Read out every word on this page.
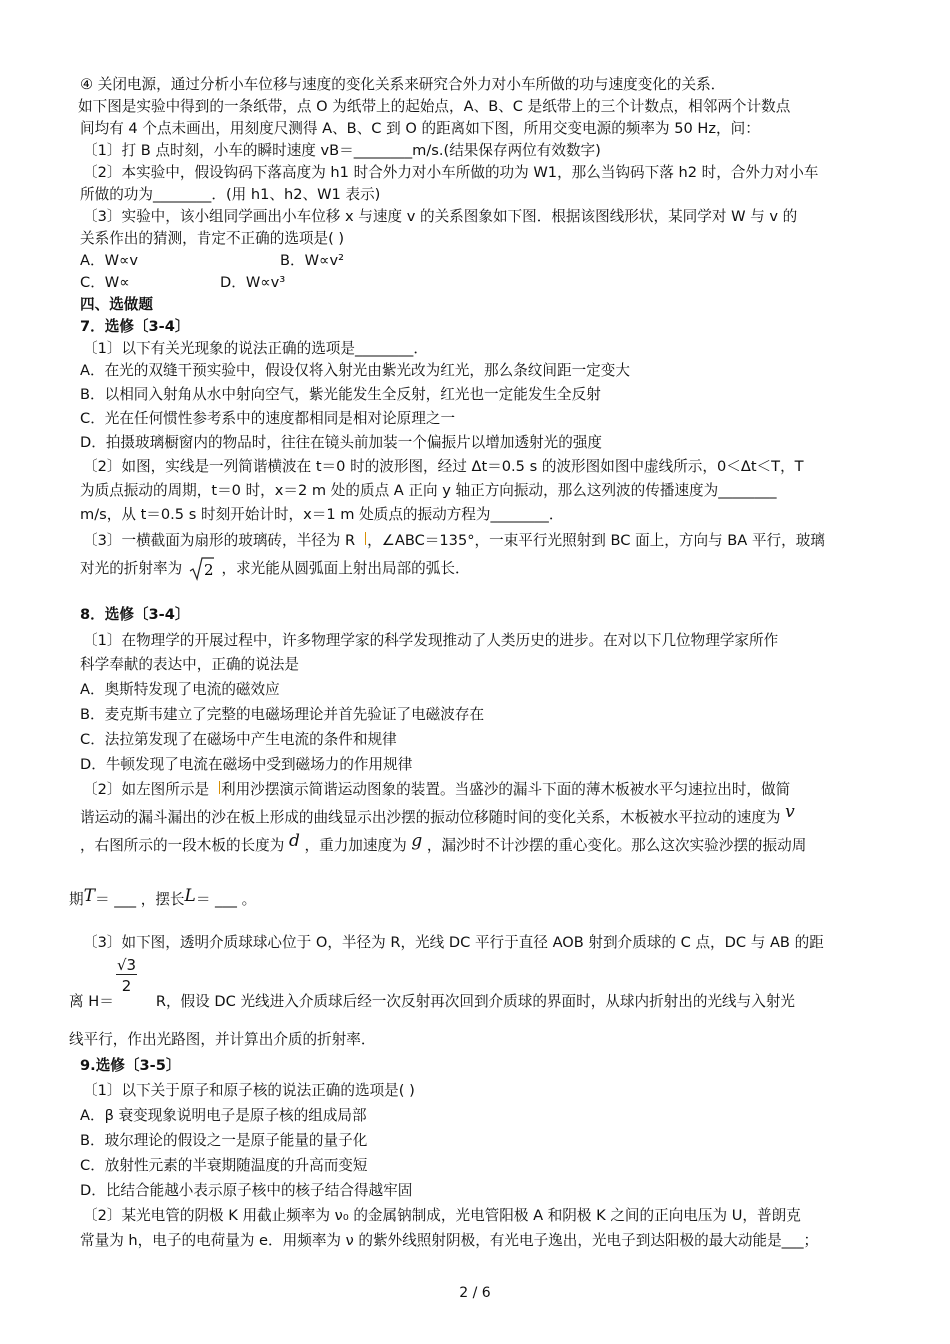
④ 关闭电源，通过分析小车位移与速度的变化关系来研究合外力对小车所做的功与速度变化的关系．
如下图是实验中得到的一条纸带，点 O 为纸带上的起始点，A、B、C 是纸带上的三个计数点，相邻两个计数点
间均有 4 个点未画出，用刻度尺测得 A、B、C 到 O 的距离如下图，所用交变电源的频率为 50 Hz，问：
〔1〕打 B 点时刻，小车的瞬时速度 vB＝________m/s.(结果保存两位有效数字)
〔2〕本实验中，假设钩码下落高度为 h1 时合外力对小车所做的功为 W1，那么当钩码下落 h2 时，合外力对小车
所做的功为________．(用 h1、h2、W1 表示)
〔3〕实验中，该小组同学画出小车位移 x 与速度 v 的关系图象如下图．根据该图线形状，某同学对 W 与 v 的
关系作出的猜测，肯定不正确的选项是( )
A．W∝v	B．W∝v²
C．W∝	D．W∝v³
四、选做题
7．选修〔3-4〕
〔1〕以下有关光现象的说法正确的选项是________．
A．在光的双缝干预实验中，假设仅将入射光由紫光改为红光，那么条纹间距一定变大
B．以相同入射角从水中射向空气，紫光能发生全反射，红光也一定能发生全反射
C．光在任何惯性参考系中的速度都相同是相对论原理之一
D．拍摄玻璃橱窗内的物品时，往往在镜头前加装一个偏振片以增加透射光的强度
〔2〕如图，实线是一列简谐横波在 t＝0 时的波形图，经过 Δt＝0.5 s 的波形图如图中虚线所示，0＜Δt＜T，T
为质点振动的周期，t＝0 时，x＝2 m 处的质点 A 正向 y 轴正方向振动，那么这列波的传播速度为________
m/s，从 t＝0.5 s 时刻开始计时，x＝1 m 处质点的振动方程为________．
〔3〕一横截面为扇形的玻璃砖，半径为 R ，∠ABC＝135°，一束平行光照射到 BC 面上，方向与 BA 平行，玻璃
对光的折射率为 2 ，求光能从圆弧面上射出局部的弧长．
8．选修〔3-4〕
〔1〕在物理学的开展过程中，许多物理学家的科学发现推动了人类历史的进步。在对以下几位物理学家所作
科学奉献的表达中，正确的说法是
A．奥斯特发现了电流的磁效应
B．麦克斯韦建立了完整的电磁场理论并首先验证了电磁波存在
C．法拉第发现了在磁场中产生电流的条件和规律
D．牛顿发现了电流在磁场中受到磁场力的作用规律
〔2〕如左图所示是 利用沙摆演示简谐运动图象的装置。当盛沙的漏斗下面的薄木板被水平匀速拉出时，做简
谐运动的漏斗漏出的沙在板上形成的曲线显示出沙摆的振动位移随时间的变化关系，木板被水平拉动的速度为 v
，右图所示的一段木板的长度为 d ，重力加速度为 g ，漏沙时不计沙摆的重心变化。那么这次实验沙摆的振动周
期T＝ ___ ，摆长L＝ ___ 。
〔3〕如下图，透明介质球球心位于 O，半径为 R，光线 DC 平行于直径 AOB 射到介质球的 C 点，DC 与 AB 的距
$\frac{√3}{2}$
离 H＝	R，假设 DC 光线进入介质球后经一次反射再次回到介质球的界面时，从球内折射出的光线与入射光
线平行，作出光路图，并计算出介质的折射率．
9.选修〔3-5〕
〔1〕以下关于原子和原子核的说法正确的选项是( )
A．β 衰变现象说明电子是原子核的组成局部
B．玻尔理论的假设之一是原子能量的量子化
C．放射性元素的半衰期随温度的升高而变短
D．比结合能越小表示原子核中的核子结合得越牢固
〔2〕某光电管的阴极 K 用截止频率为 ν₀ 的金属钠制成，光电管阳极 A 和阴极 K 之间的正向电压为 U，普朗克
常量为 h，电子的电荷量为 e．用频率为 ν 的紫外线照射阴极，有光电子逸出，光电子到达阳极的最大动能是___；
2 / 6
